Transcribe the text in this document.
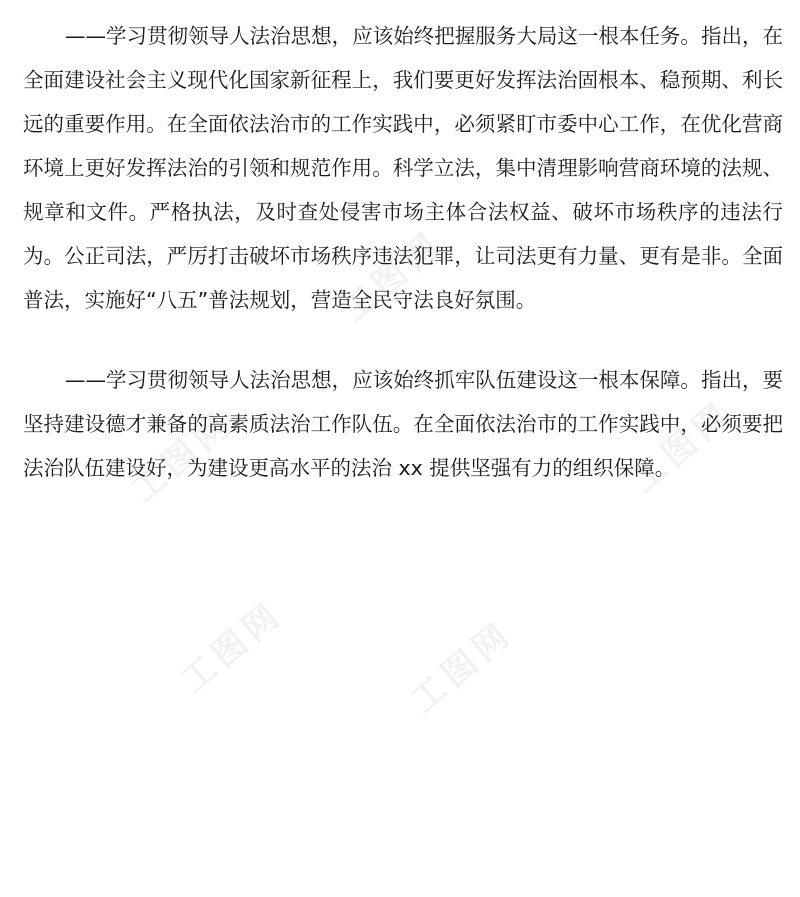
工图网
工图网
工图网
工图网
工图网

——学习贯彻领导人法治思想，应该始终把握服务大局这一根本任务。指出，在全面建设社会主义现代化国家新征程上，我们要更好发挥法治固根本、稳预期、利长远的重要作用。在全面依法治市的工作实践中，必须紧盯市委中心工作，在优化营商环境上更好发挥法治的引领和规范作用。科学立法，集中清理影响营商环境的法规、规章和文件。严格执法，及时查处侵害市场主体合法权益、破坏市场秩序的违法行为。公正司法，严厉打击破坏市场秩序违法犯罪，让司法更有力量、更有是非。全面普法，实施好“八五”普法规划，营造全民守法良好氛围。

——学习贯彻领导人法治思想，应该始终抓牢队伍建设这一根本保障。指出，要坚持建设德才兼备的高素质法治工作队伍。在全面依法治市的工作实践中，必须要把法治队伍建设好，为建设更高水平的法治 xx 提供坚强有力的组织保障。
